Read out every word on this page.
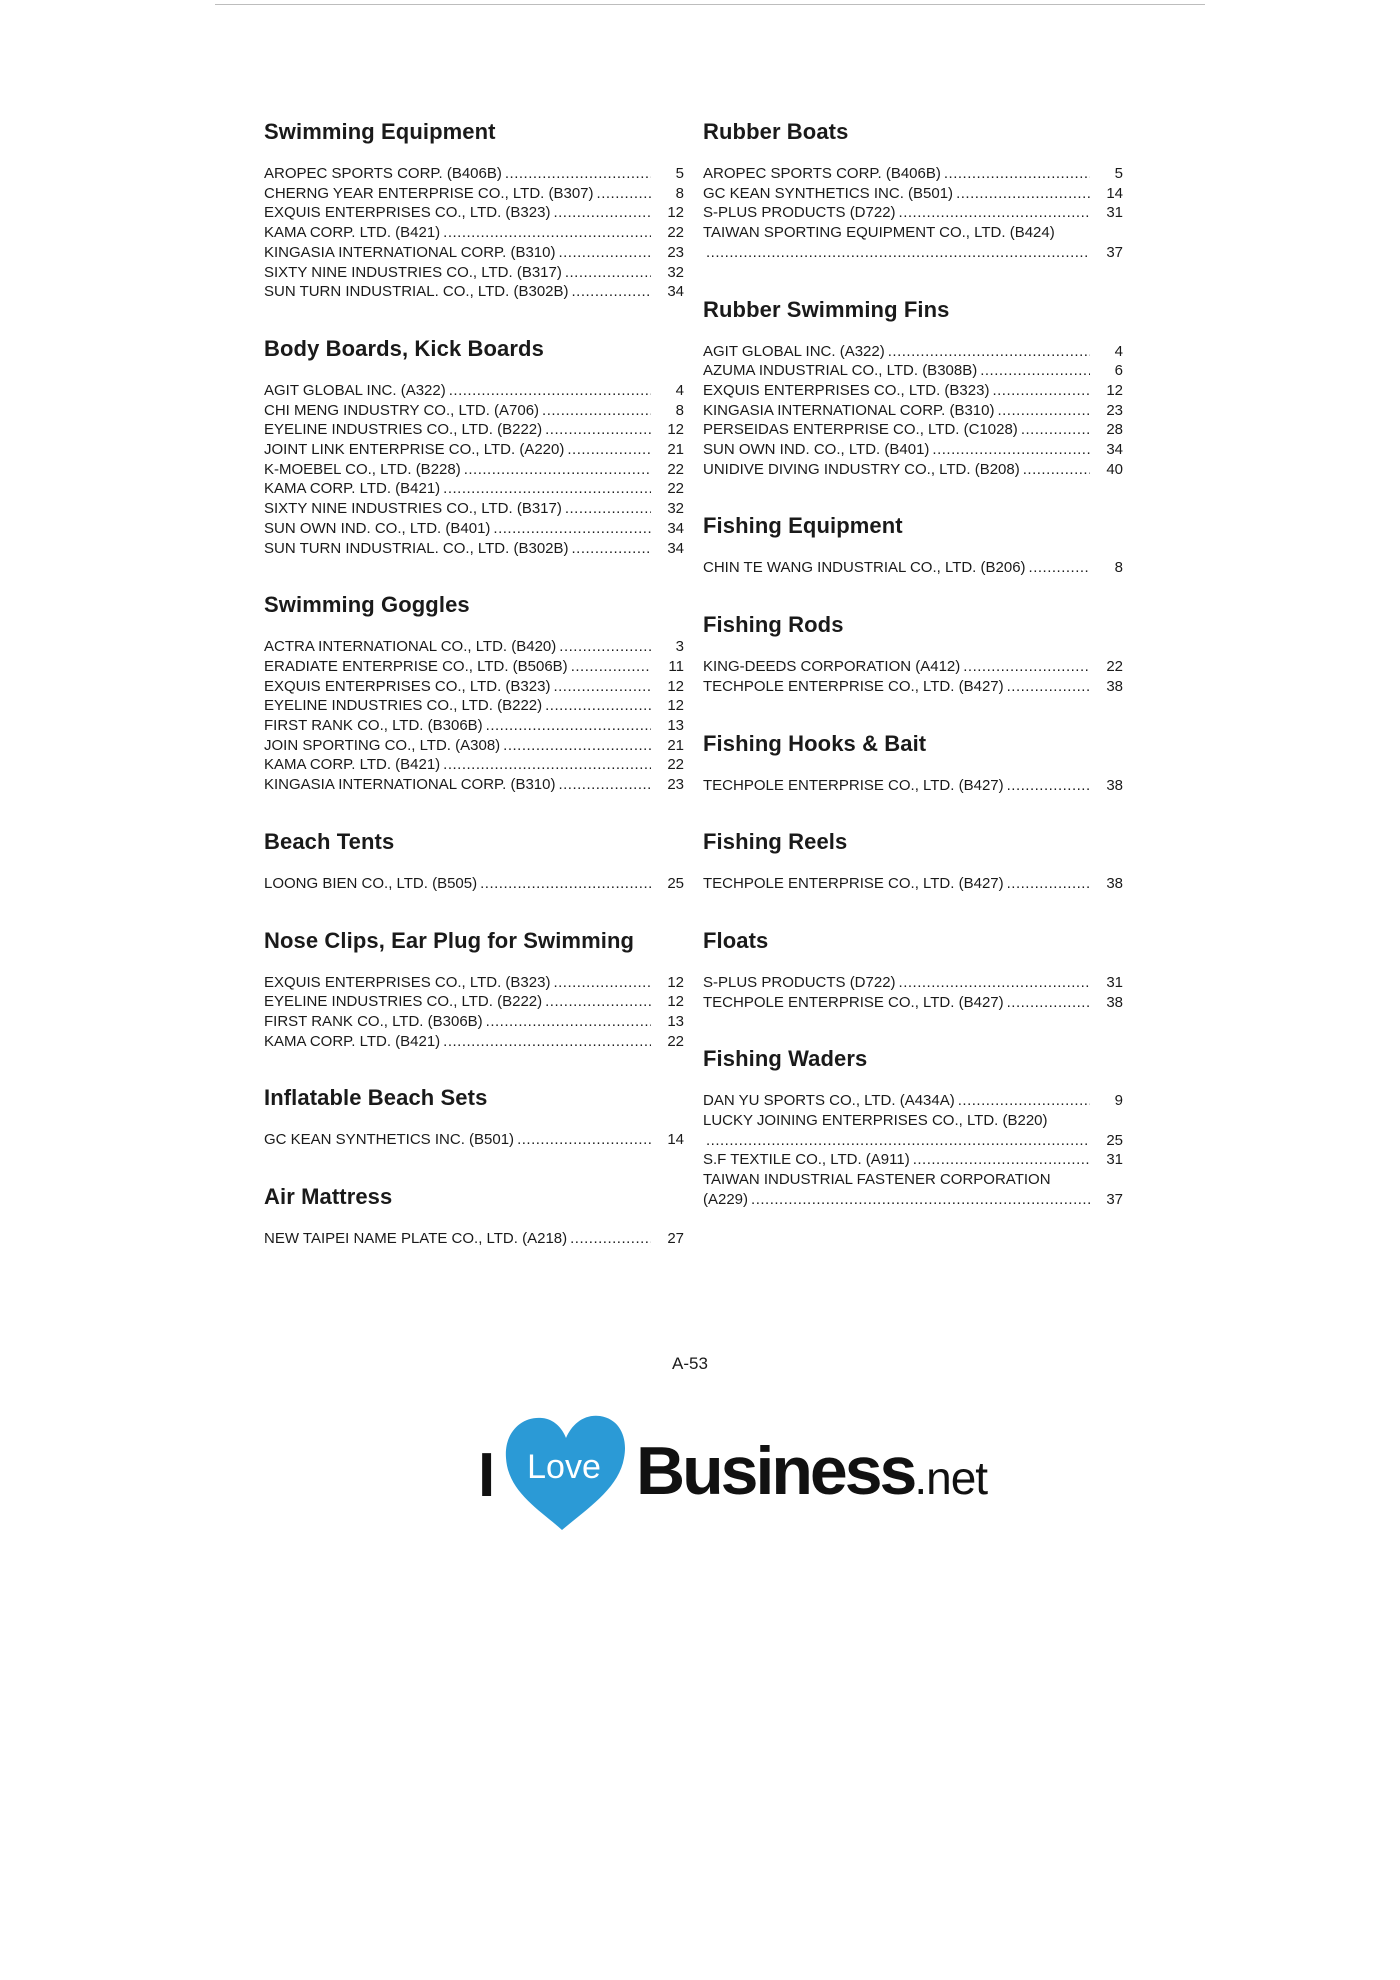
Swimming Equipment
AROPEC SPORTS CORP. (B406B) .....	5
CHERNG YEAR ENTERPRISE CO., LTD. (B307) .....	8
EXQUIS ENTERPRISES CO., LTD. (B323) .....	12
KAMA CORP. LTD. (B421) .....	22
KINGASIA INTERNATIONAL CORP. (B310) .....	23
SIXTY NINE INDUSTRIES CO., LTD. (B317) .....	32
SUN TURN INDUSTRIAL. CO., LTD. (B302B) .....	34
Body Boards, Kick Boards
AGIT GLOBAL INC. (A322) .....	4
CHI MENG INDUSTRY CO., LTD. (A706) .....	8
EYELINE INDUSTRIES CO., LTD. (B222) .....	12
JOINT LINK ENTERPRISE CO., LTD. (A220) .....	21
K-MOEBEL CO., LTD. (B228) .....	22
KAMA CORP. LTD. (B421) .....	22
SIXTY NINE INDUSTRIES CO., LTD. (B317) .....	32
SUN OWN IND. CO., LTD. (B401) .....	34
SUN TURN INDUSTRIAL. CO., LTD. (B302B) .....	34
Swimming Goggles
ACTRA INTERNATIONAL CO., LTD. (B420) .....	3
ERADIATE ENTERPRISE CO., LTD. (B506B) .....	11
EXQUIS ENTERPRISES CO., LTD. (B323) .....	12
EYELINE INDUSTRIES CO., LTD. (B222) .....	12
FIRST RANK CO., LTD. (B306B) .....	13
JOIN SPORTING CO., LTD. (A308) .....	21
KAMA CORP. LTD. (B421) .....	22
KINGASIA INTERNATIONAL CORP. (B310) .....	23
Beach Tents
LOONG BIEN CO., LTD. (B505) .....	25
Nose Clips, Ear Plug for Swimming
EXQUIS ENTERPRISES CO., LTD. (B323) .....	12
EYELINE INDUSTRIES CO., LTD. (B222) .....	12
FIRST RANK CO., LTD. (B306B) .....	13
KAMA CORP. LTD. (B421) .....	22
Inflatable Beach Sets
GC KEAN SYNTHETICS INC. (B501) .....	14
Air Mattress
NEW TAIPEI NAME PLATE CO., LTD. (A218) .....	27
Rubber Boats
AROPEC SPORTS CORP. (B406B) .....	5
GC KEAN SYNTHETICS INC. (B501) .....	14
S-PLUS PRODUCTS (D722) .....	31
TAIWAN SPORTING EQUIPMENT CO., LTD. (B424)
.....
37
Rubber Swimming Fins
AGIT GLOBAL INC. (A322) .....	4
AZUMA INDUSTRIAL CO., LTD. (B308B) .....	6
EXQUIS ENTERPRISES CO., LTD. (B323) .....	12
KINGASIA INTERNATIONAL CORP. (B310) .....	23
PERSEIDAS ENTERPRISE CO., LTD. (C1028) .....	28
SUN OWN IND. CO., LTD. (B401) .....	34
UNIDIVE DIVING INDUSTRY CO., LTD. (B208) .....	40
Fishing Equipment
CHIN TE WANG INDUSTRIAL CO., LTD. (B206) .....	8
Fishing Rods
KING-DEEDS CORPORATION (A412) .....	22
TECHPOLE ENTERPRISE CO., LTD. (B427) .....	38
Fishing Hooks & Bait
TECHPOLE ENTERPRISE CO., LTD. (B427) .....	38
Fishing Reels
TECHPOLE ENTERPRISE CO., LTD. (B427) .....	38
Floats
S-PLUS PRODUCTS (D722) .....	31
TECHPOLE ENTERPRISE CO., LTD. (B427) .....	38
Fishing Waders
DAN YU SPORTS CO., LTD. (A434A) .....	9
LUCKY JOINING ENTERPRISES CO., LTD. (B220)
.....
25
S.F TEXTILE CO., LTD. (A911) .....	31
TAIWAN INDUSTRIAL FASTENER CORPORATION
(A229) .....	37
A-53
I Love Business.net
